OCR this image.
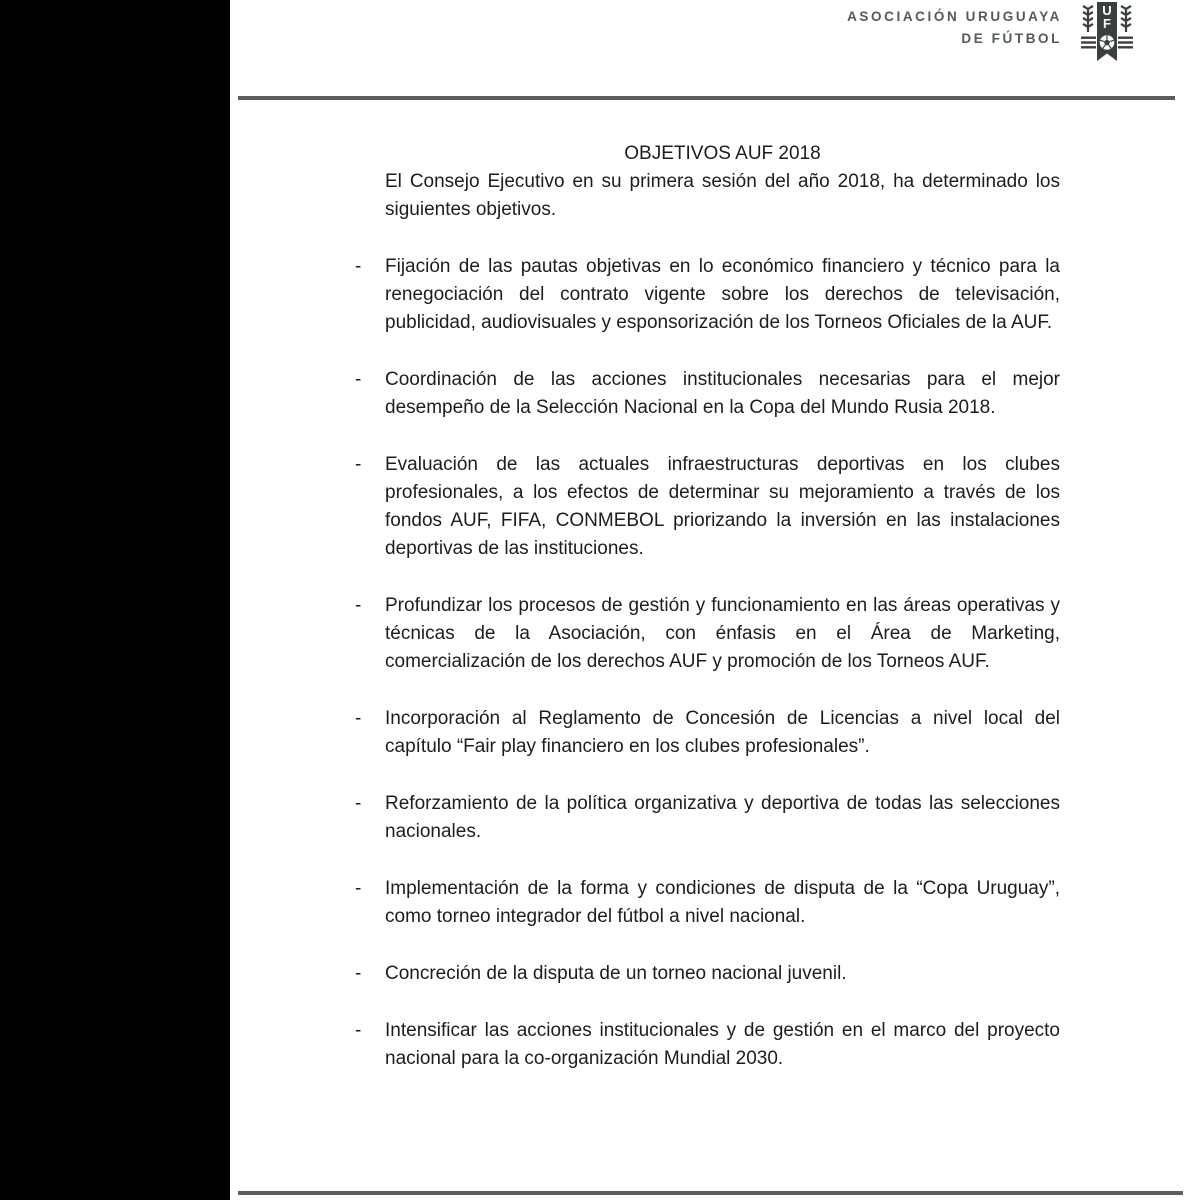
ASOCIACIÓN URUGUAYA
DE FÚTBOL
U
F
OBJETIVOS AUF 2018

El Consejo Ejecutivo en su primera sesión del año 2018, ha determinado los siguientes objetivos.

-	Fijación de las pautas objetivas en lo económico financiero y técnico para la renegociación del contrato vigente sobre los derechos de televisación, publicidad, audiovisuales y esponsorización de los Torneos Oficiales de la AUF.
-	Coordinación de las acciones institucionales necesarias para el mejor desempeño de la Selección Nacional en la Copa del Mundo Rusia 2018.
-	Evaluación de las actuales infraestructuras deportivas en los clubes profesionales, a los efectos de determinar su mejoramiento a través de los fondos AUF, FIFA, CONMEBOL priorizando la inversión en las instalaciones deportivas de las instituciones.
-	Profundizar los procesos de gestión y funcionamiento en las áreas operativas y técnicas de la Asociación, con énfasis en el Área de Marketing, comercialización de los derechos AUF y promoción de los Torneos AUF.
-	Incorporación al Reglamento de Concesión de Licencias a nivel local del capítulo “Fair play financiero en los clubes profesionales”.
-	Reforzamiento de la política organizativa y deportiva de todas las selecciones nacionales.
-	Implementación de la forma y condiciones de disputa de la “Copa Uruguay”, como torneo integrador del fútbol a nivel nacional.
-	Concreción de la disputa de un torneo nacional juvenil.
-	Intensificar las acciones institucionales y de gestión en el marco del proyecto nacional para la co-organización Mundial 2030.
